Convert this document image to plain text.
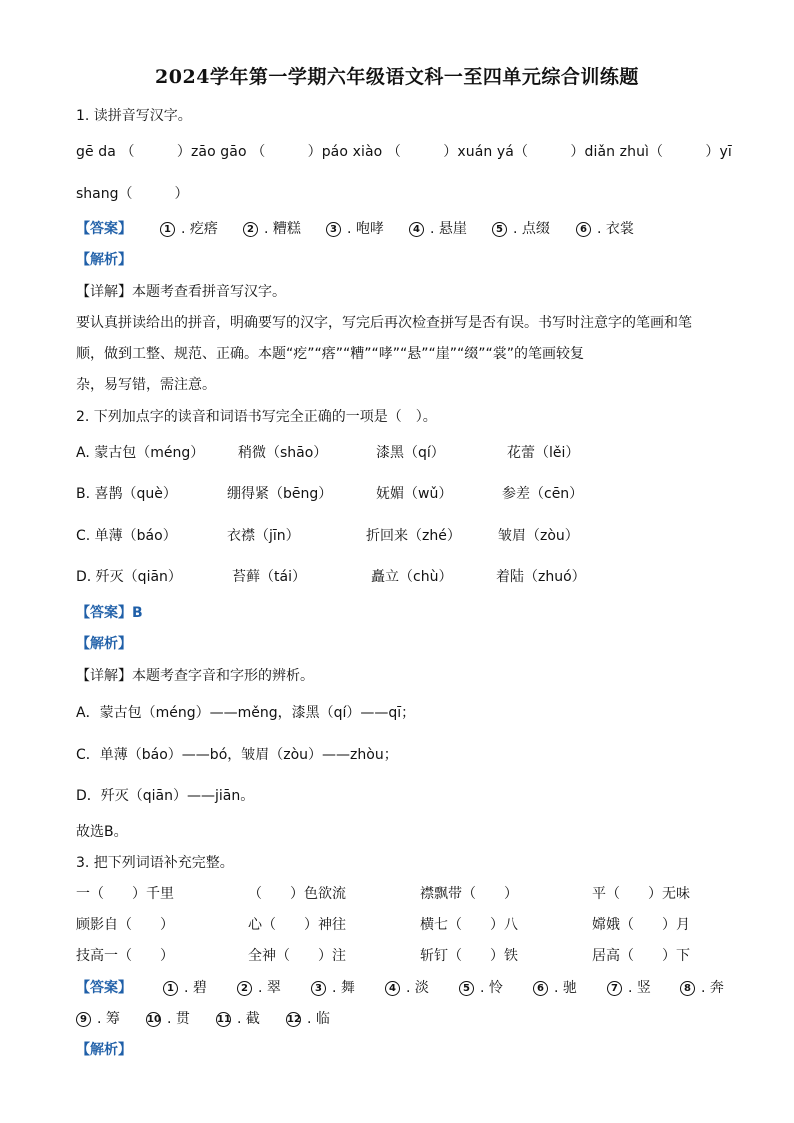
2024学年第一学期六年级语文科一至四单元综合训练题
1. 读拼音写汉字。
gē da （　　　）zāo gāo （　　　）páo xiào （　　　）xuán yá（　　　）diǎn zhuì（　　　）yī
shang（　　　）
【答案】	1 . 疙瘩	2 . 糟糕	3 . 咆哮	4 . 悬崖	5 . 点缀	6 . 衣裳
【解析】
【详解】本题考查看拼音写汉字。
要认真拼读给出的拼音，明确要写的汉字，写完后再次检查拼写是否有误。书写时注意字的笔画和笔
顺，做到工整、规范、正确。本题“疙”“瘩”“糟”“哮”“悬”“崖”“缀”“裳”的笔画较复
杂，易写错，需注意。
2. 下列加点字的读音和词语书写完全正确的一项是（　）。
A. 蒙古包（méng） 稍微（shāo）	漆黑（qí）	花蕾（lěi）
B. 喜鹊（què）	绷得紧（bēng）	妩媚（wǔ）	参差（cēn）
C. 单薄（báo）	衣襟（jīn）	折回来（zhé）	皱眉（zòu）
D. 歼灭（qiān）	苔藓（tái）	矗立（chù）	着陆（zhuó）
【答案】B
【解析】
【详解】本题考查字音和字形的辨析。
A．蒙古包（méng）——měng，漆黑（qí）——qī；
C．单薄（báo）——bó，皱眉（zòu）——zhòu；
D．歼灭（qiān）——jiān。
故选B。
3. 把下列词语补充完整。
一（　　）千里	（　　）色欲流	襟飘带（　　）	平（　　）无味
顾影自（　　）	心（　　）神往	横七（　　）八	嫦娥（　　）月
技高一（　　）	全神（　　）注	斩钉（　　）铁	居高（　　）下
【答案】	1 . 碧	2 . 翠	3 . 舞	4 . 淡	5 . 怜	6 . 驰	7 . 竖	8 . 奔
9 . 筹	10 . 贯	11 . 截	12 . 临
【解析】
